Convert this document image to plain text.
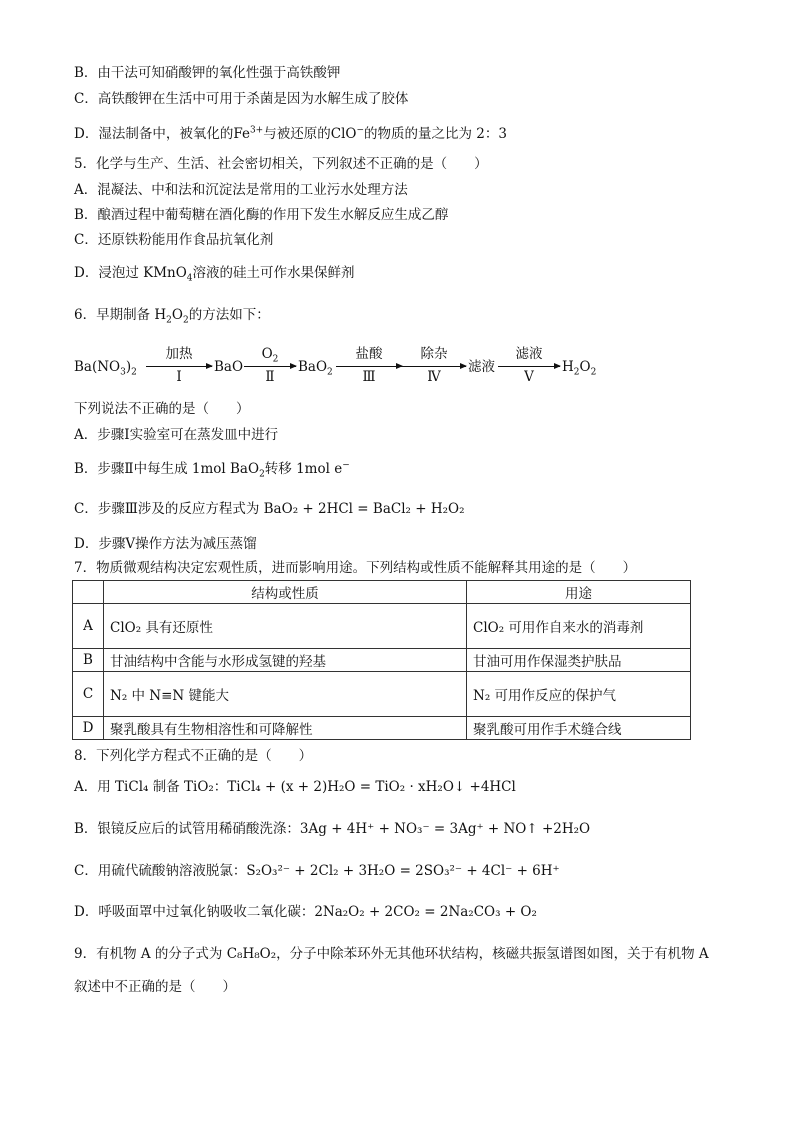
B．由干法可知硝酸钾的氧化性强于高铁酸钾
C．高铁酸钾在生活中可用于杀菌是因为水解生成了胶体
D．湿法制备中，被氧化的$Fe^{3+}$与被还原的ClO−的物质的量之比为 2：3
5．化学与生产、生活、社会密切相关，下列叙述不正确的是（　　）
A．混凝法、中和法和沉淀法是常用的工业污水处理方法
B．酿酒过程中葡萄糖在酒化酶的作用下发生水解反应生成乙醇
C．还原铁粉能用作食品抗氧化剂
D．浸泡过 KMnO$_4$溶液的硅土可作水果保鲜剂
6．早期制备 $H_2O_2$的方法如下：
$Ba(NO_3)_2$
加热
Ⅰ
BaO
$O_2$
Ⅱ
BaO$_2$
盐酸
Ⅲ
除杂
Ⅳ
滤液
滤液
Ⅴ
$H_2O_2$
下列说法不正确的是（　　）
A．步骤Ⅰ实验室可在蒸发皿中进行
B．步骤Ⅱ中每生成 1mol BaO$_2$转移 1mol e−
C．步骤Ⅲ涉及的反应方程式为 BaO₂ + 2HCl = BaCl₂ + H₂O₂
D．步骤Ⅴ操作方法为减压蒸馏
7．物质微观结构决定宏观性质，进而影响用途。下列结构或性质不能解释其用途的是（　　）
	结构或性质	用途
A	ClO₂ 具有还原性	ClO₂ 可用作自来水的消毒剂
B	甘油结构中含能与水形成氢键的羟基	甘油可用作保湿类护肤品
C	N₂ 中 N≡N 键能大	N₂ 可用作反应的保护气
D	聚乳酸具有生物相溶性和可降解性	聚乳酸可用作手术缝合线
8．下列化学方程式不正确的是（　　）
A．用 TiCl₄ 制备 TiO₂：TiCl₄ + (x + 2)H₂O = TiO₂ · xH₂O↓ +4HCl
B．银镜反应后的试管用稀硝酸洗涤：3Ag + 4H⁺ + NO₃⁻ = 3Ag⁺ + NO↑ +2H₂O
C．用硫代硫酸钠溶液脱氯：S₂O₃²⁻ + 2Cl₂ + 3H₂O = 2SO₃²⁻ + 4Cl⁻ + 6H⁺
D．呼吸面罩中过氧化钠吸收二氧化碳：2Na₂O₂ + 2CO₂ = 2Na₂CO₃ + O₂
9．有机物 A 的分子式为 C₈H₈O₂，分子中除苯环外无其他环状结构，核磁共振氢谱图如图，关于有机物 A
叙述中不正确的是（　　）
